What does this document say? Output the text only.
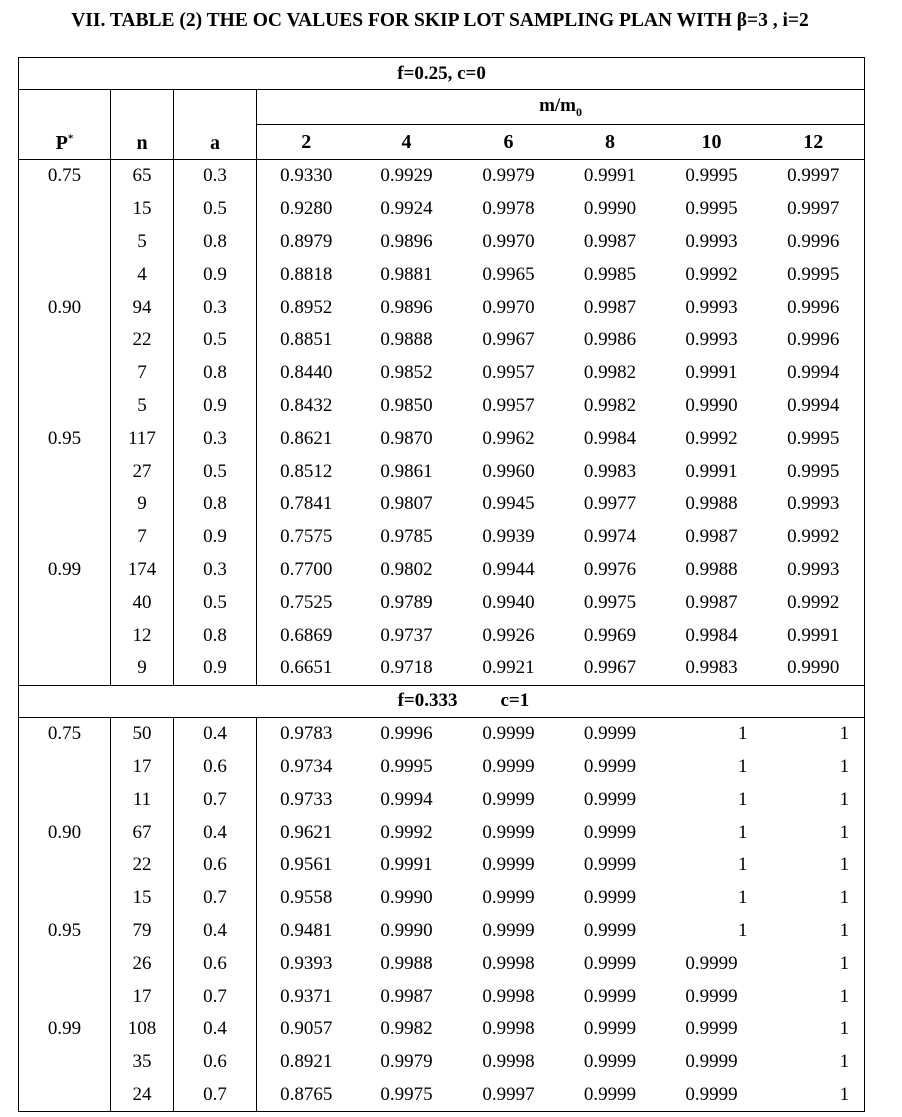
VII. TABLE (2) THE OC VALUES FOR SKIP LOT SAMPLING PLAN WITH β=3 , i=2
f=0.25, c=0								
P*	n	a	$m/m_0$
			2	4	6	8	10	12
0.75	65	0.3	0.9330	0.9929	0.9979	0.9991	0.9995	0.9997
	15	0.5	0.9280	0.9924	0.9978	0.9990	0.9995	0.9997
	5	0.8	0.8979	0.9896	0.9970	0.9987	0.9993	0.9996
	4	0.9	0.8818	0.9881	0.9965	0.9985	0.9992	0.9995
0.90	94	0.3	0.8952	0.9896	0.9970	0.9987	0.9993	0.9996
	22	0.5	0.8851	0.9888	0.9967	0.9986	0.9993	0.9996
	7	0.8	0.8440	0.9852	0.9957	0.9982	0.9991	0.9994
	5	0.9	0.8432	0.9850	0.9957	0.9982	0.9990	0.9994
0.95	117	0.3	0.8621	0.9870	0.9962	0.9984	0.9992	0.9995
	27	0.5	0.8512	0.9861	0.9960	0.9983	0.9991	0.9995
	9	0.8	0.7841	0.9807	0.9945	0.9977	0.9988	0.9993
	7	0.9	0.7575	0.9785	0.9939	0.9974	0.9987	0.9992
0.99	174	0.3	0.7700	0.9802	0.9944	0.9976	0.9988	0.9993
	40	0.5	0.7525	0.9789	0.9940	0.9975	0.9987	0.9992
	12	0.8	0.6869	0.9737	0.9926	0.9969	0.9984	0.9991
	9	0.9	0.6651	0.9718	0.9921	0.9967	0.9983	0.9990
				f=0.333	c=1			
0.75	50	0.4	0.9783	0.9996	0.9999	0.9999	1	1
	17	0.6	0.9734	0.9995	0.9999	0.9999	1	1
	11	0.7	0.9733	0.9994	0.9999	0.9999	1	1
0.90	67	0.4	0.9621	0.9992	0.9999	0.9999	1	1
	22	0.6	0.9561	0.9991	0.9999	0.9999	1	1
	15	0.7	0.9558	0.9990	0.9999	0.9999	1	1
0.95	79	0.4	0.9481	0.9990	0.9999	0.9999	1	1
	26	0.6	0.9393	0.9988	0.9998	0.9999	0.9999	1
	17	0.7	0.9371	0.9987	0.9998	0.9999	0.9999	1
0.99	108	0.4	0.9057	0.9982	0.9998	0.9999	0.9999	1
	35	0.6	0.8921	0.9979	0.9998	0.9999	0.9999	1
	24	0.7	0.8765	0.9975	0.9997	0.9999	0.9999	1
